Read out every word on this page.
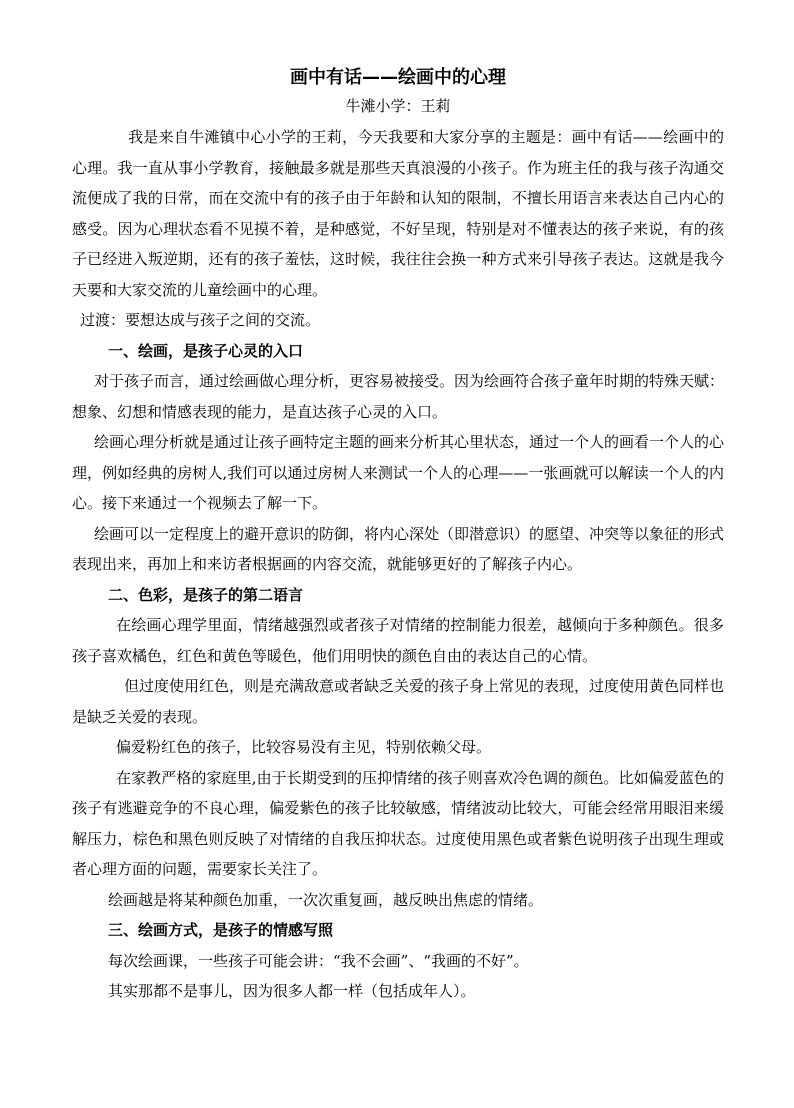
画中有话——绘画中的心理
牛滩小学：王莉

我是来自牛滩镇中心小学的王莉，今天我要和大家分享的主题是：画中有话——绘画中的心理。我一直从事小学教育，接触最多就是那些天真浪漫的小孩子。作为班主任的我与孩子沟通交流便成了我的日常，而在交流中有的孩子由于年龄和认知的限制，不擅长用语言来表达自己内心的感受。因为心理状态看不见摸不着，是种感觉，不好呈现，特别是对不懂表达的孩子来说，有的孩子已经进入叛逆期，还有的孩子羞怯，这时候，我往往会换一种方式来引导孩子表达。这就是我今天要和大家交流的儿童绘画中的心理。

过渡：要想达成与孩子之间的交流。

一、绘画，是孩子心灵的入口

对于孩子而言，通过绘画做心理分析，更容易被接受。因为绘画符合孩子童年时期的特殊天赋：想象、幻想和情感表现的能力，是直达孩子心灵的入口。

绘画心理分析就是通过让孩子画特定主题的画来分析其心里状态，通过一个人的画看一个人的心理，例如经典的房树人,我们可以通过房树人来测试一个人的心理——一张画就可以解读一个人的内心。接下来通过一个视频去了解一下。

绘画可以一定程度上的避开意识的防御，将内心深处（即潜意识）的愿望、冲突等以象征的形式表现出来，再加上和来访者根据画的内容交流，就能够更好的了解孩子内心。

二、色彩，是孩子的第二语言

在绘画心理学里面，情绪越强烈或者孩子对情绪的控制能力很差，越倾向于多种颜色。很多孩子喜欢橘色，红色和黄色等暖色，他们用明快的颜色自由的表达自己的心情。

但过度使用红色，则是充满敌意或者缺乏关爱的孩子身上常见的表现，过度使用黄色同样也是缺乏关爱的表现。

偏爱粉红色的孩子，比较容易没有主见，特别依赖父母。

在家教严格的家庭里,由于长期受到的压抑情绪的孩子则喜欢冷色调的颜色。比如偏爱蓝色的孩子有逃避竞争的不良心理，偏爱紫色的孩子比较敏感，情绪波动比较大，可能会经常用眼泪来缓解压力，棕色和黑色则反映了对情绪的自我压抑状态。过度使用黑色或者紫色说明孩子出现生理或者心理方面的问题，需要家长关注了。

绘画越是将某种颜色加重，一次次重复画，越反映出焦虑的情绪。

三、绘画方式，是孩子的情感写照

每次绘画课，一些孩子可能会讲：“我不会画”、“我画的不好”。

其实那都不是事儿，因为很多人都一样（包括成年人）。
